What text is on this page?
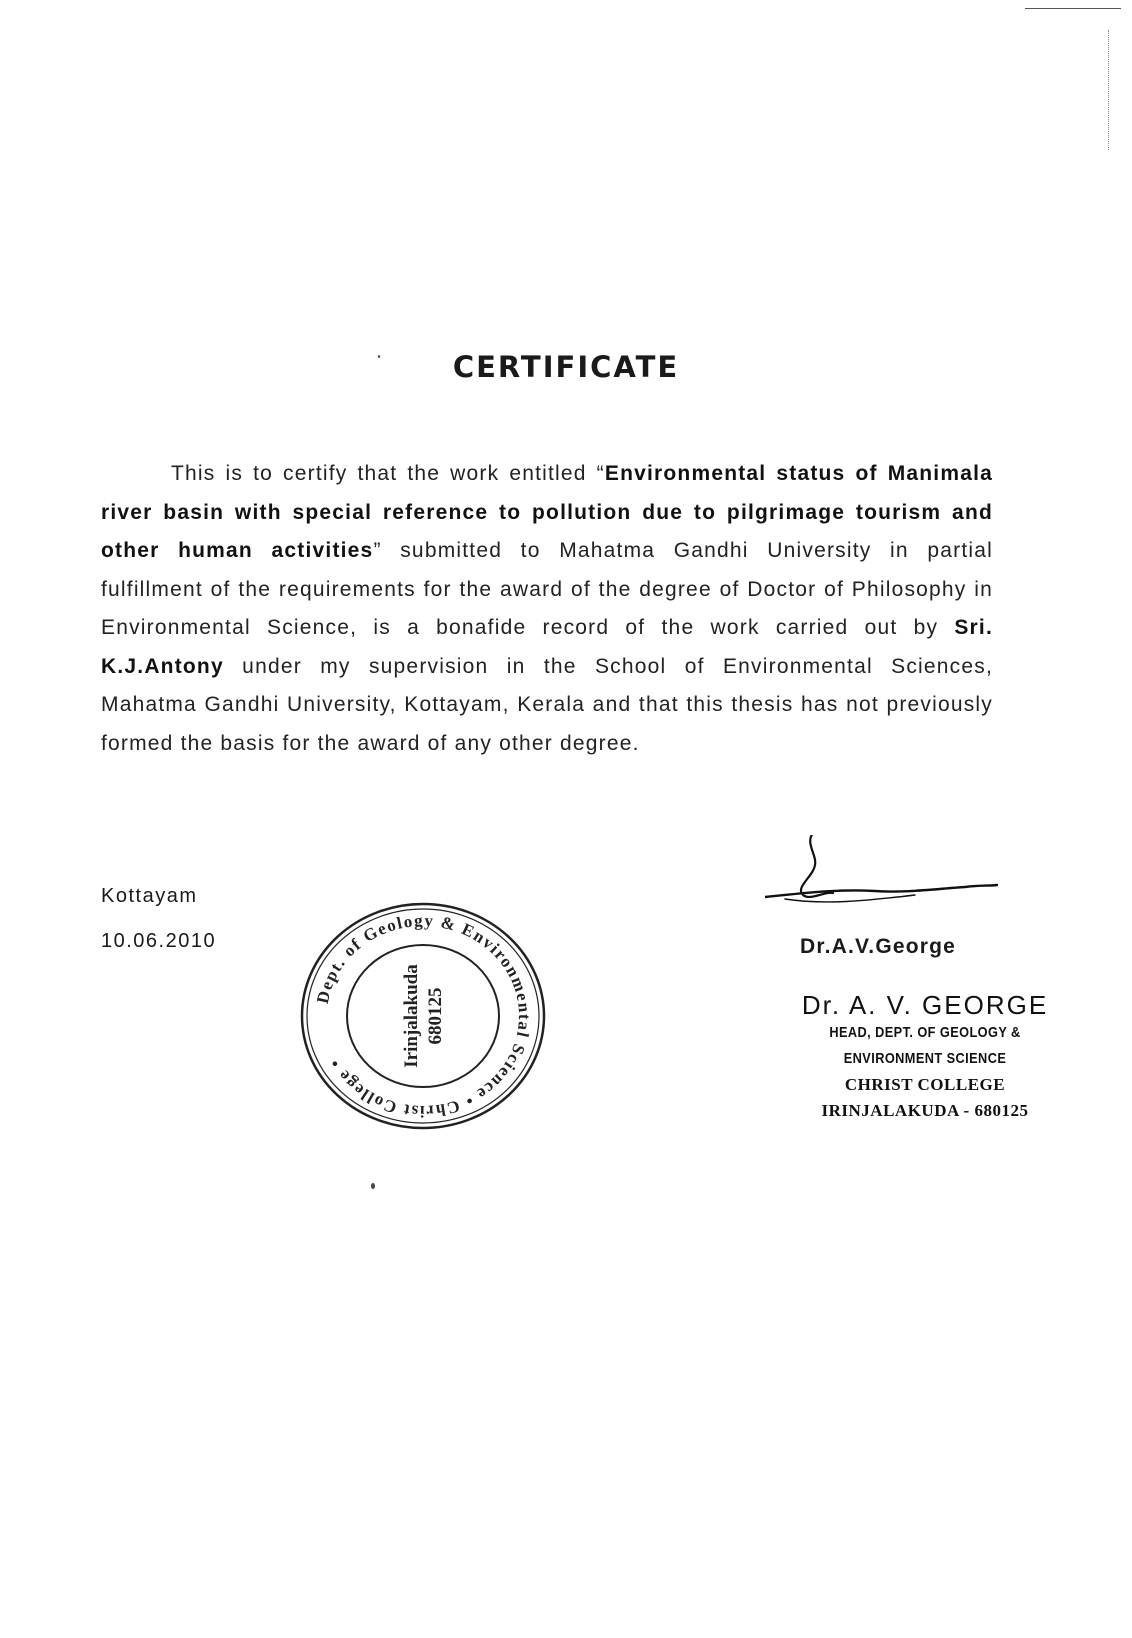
CERTIFICATE

This is to certify that the work entitled “Environmental status of Manimala river basin with special reference to pollution due to pilgrimage tourism and other human activities” submitted to Mahatma Gandhi University in partial fulfillment of the requirements for the award of the degree of Doctor of Philosophy in Environmental Science, is a bonafide record of the work carried out by Sri. K.J.Antony under my supervision in the School of Environmental Sciences, Mahatma Gandhi University, Kottayam, Kerala and that this thesis has not previously formed the basis for the award of any other degree.

Kottayam
10.06.2010
Dept. of Geology & Environmental Science • Christ College •	Irinjalakuda 680125
Dr.A.V.George
Dr. A. V. GEORGE
HEAD, DEPT. OF GEOLOGY &
ENVIRONMENT SCIENCE
CHRIST COLLEGE
IRINJALAKUDA - 680125
